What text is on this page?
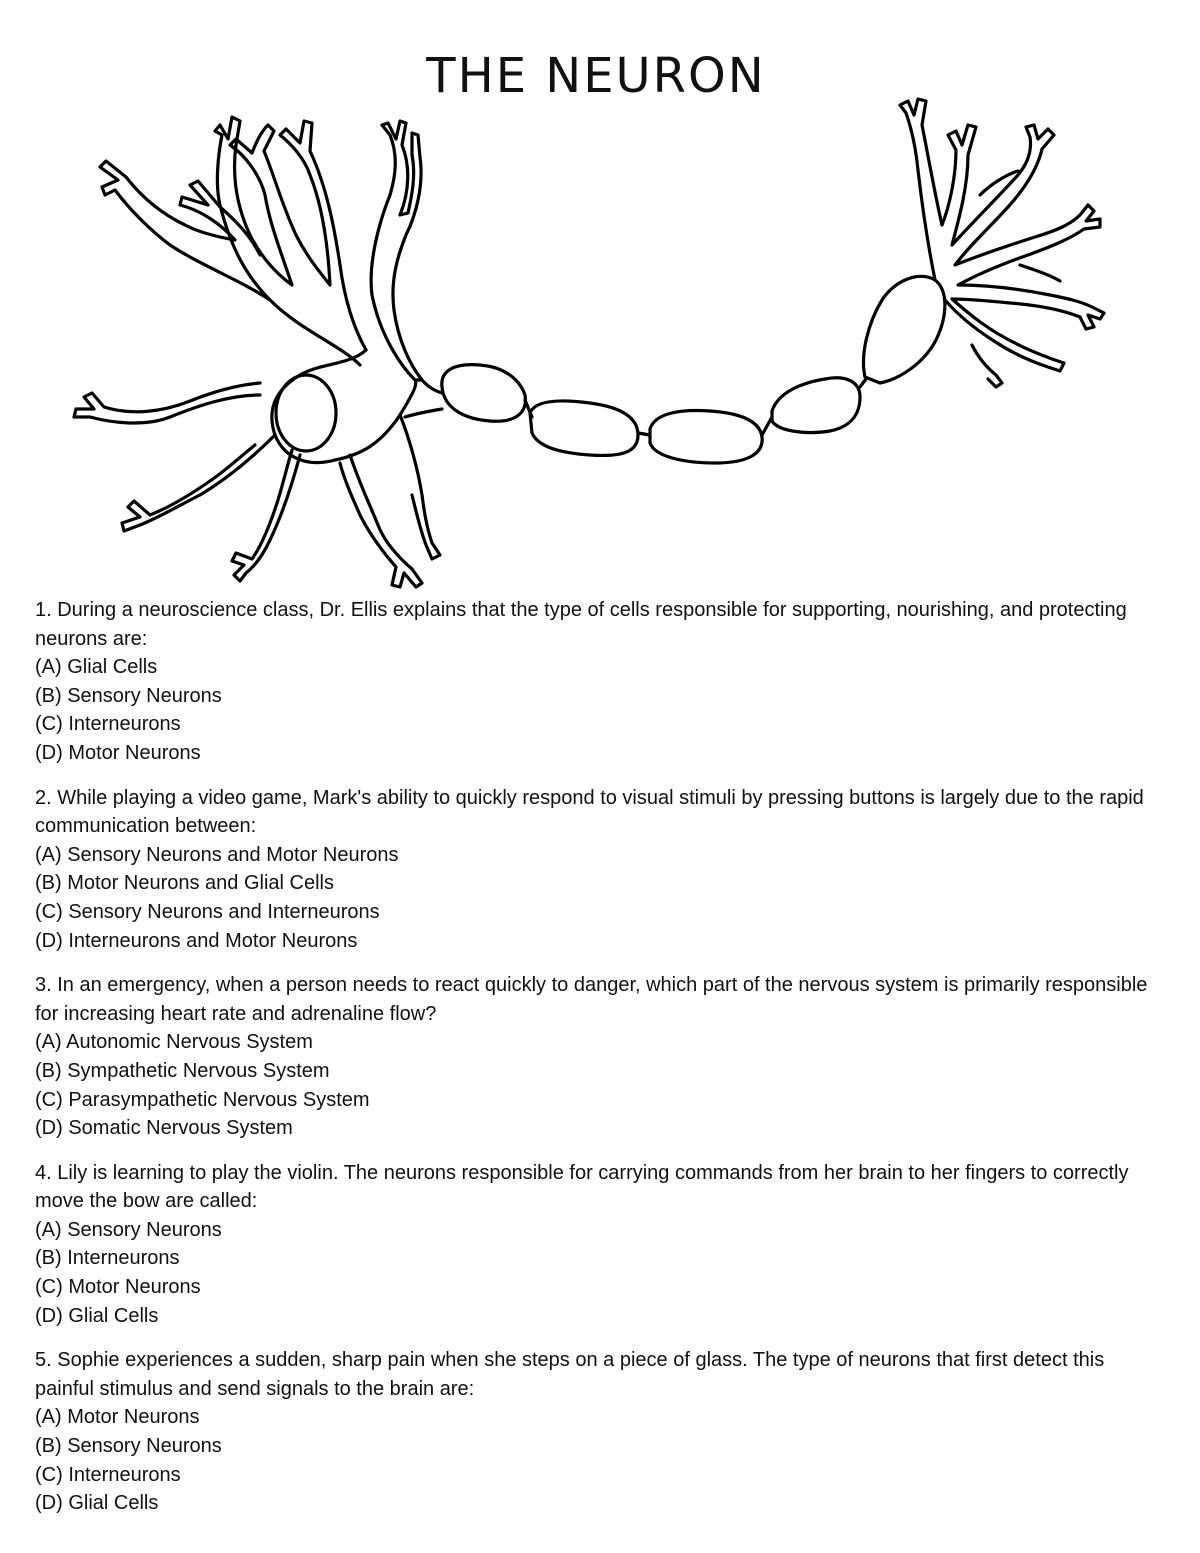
THE NEURON
1. During a neuroscience class, Dr. Ellis explains that the type of cells responsible for supporting, nourishing, and protecting neurons are:
(A) Glial Cells
(B) Sensory Neurons
(C) Interneurons
(D) Motor Neurons
2. While playing a video game, Mark's ability to quickly respond to visual stimuli by pressing buttons is largely due to the rapid communication between:
(A) Sensory Neurons and Motor Neurons
(B) Motor Neurons and Glial Cells
(C) Sensory Neurons and Interneurons
(D) Interneurons and Motor Neurons
3. In an emergency, when a person needs to react quickly to danger, which part of the nervous system is primarily responsible for increasing heart rate and adrenaline flow?
(A) Autonomic Nervous System
(B) Sympathetic Nervous System
(C) Parasympathetic Nervous System
(D) Somatic Nervous System
4. Lily is learning to play the violin. The neurons responsible for carrying commands from her brain to her fingers to correctly move the bow are called:
(A) Sensory Neurons
(B) Interneurons
(C) Motor Neurons
(D) Glial Cells
5. Sophie experiences a sudden, sharp pain when she steps on a piece of glass. The type of neurons that first detect this painful stimulus and send signals to the brain are:
(A) Motor Neurons
(B) Sensory Neurons
(C) Interneurons
(D) Glial Cells
